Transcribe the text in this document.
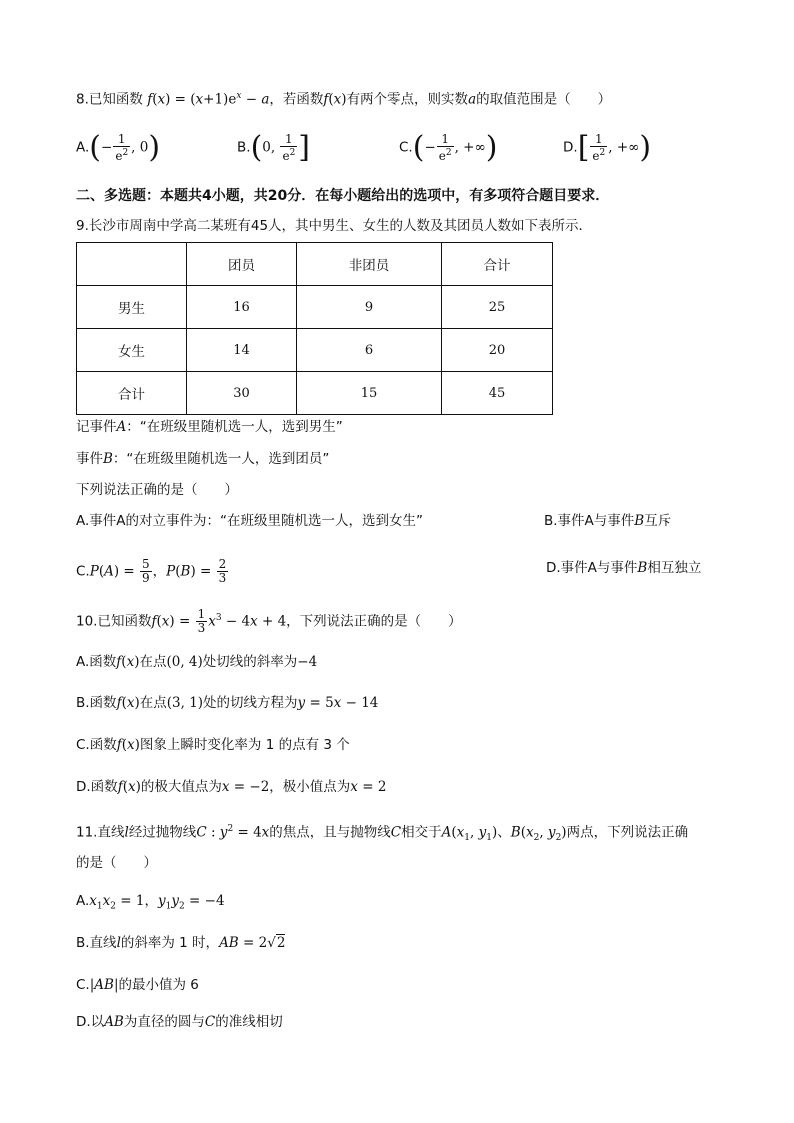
8.已知函数 $f(x) = (x+1)e^x - a$，若函数f(x)有两个零点，则实数a的取值范围是（　　）
$A.(- \frac{1}{e^2}$ , 0)	B.(0, $\frac{1}{e^2}$ ]	$C.(- \frac{1}{e^2}$ , +∞)	$D.[ \frac{1}{e^2}$ , +∞)
二、多选题：本题共4小题，共20分．在每小题给出的选项中，有多项符合题目要求．
9.长沙市周南中学高二某班有45人，其中男生、女生的人数及其团员人数如下表所示．
	团员	非团员	合计
男生	16	9	25
女生	14	6	20
合计	30	15	45
记事件A：“在班级里随机选一人，选到男生”
事件B：“在班级里随机选一人，选到团员”
下列说法正确的是（　　）
A.事件A的对立事件为：“在班级里随机选一人，选到女生”	B.事件A与事件B互斥
$C.P(A) = \frac{5}{9}$ ，$P(B) = \frac{2}{3}$	D.事件A与事件B相互独立
10.已知函数$f(x) = \frac{1}{3} x^3 - 4x + 4$，下列说法正确的是（　　）
A.函数f(x)在点(0, 4)处切线的斜率为−4
B.函数f(x)在点(3, 1)处的切线方程为y = 5x − 14
C.函数f(x)图象上瞬时变化率为 1 的点有 3 个
D.函数f(x)的极大值点为x = −2，极小值点为x = 2
11.直线l经过抛物线C : $y^2 = 4x$的焦点，且与抛物线C相交于$A(x_1$, $y_1$)、$B(x_2$, $y_2$)两点，下列说法正确
的是（　　）
$A.x_1x_2 = 1$，$y_1y_2 = -4$
B.直线l的斜率为 1 时，AB = 2√2
C.|AB|的最小值为 6
D.以AB为直径的圆与C的准线相切
